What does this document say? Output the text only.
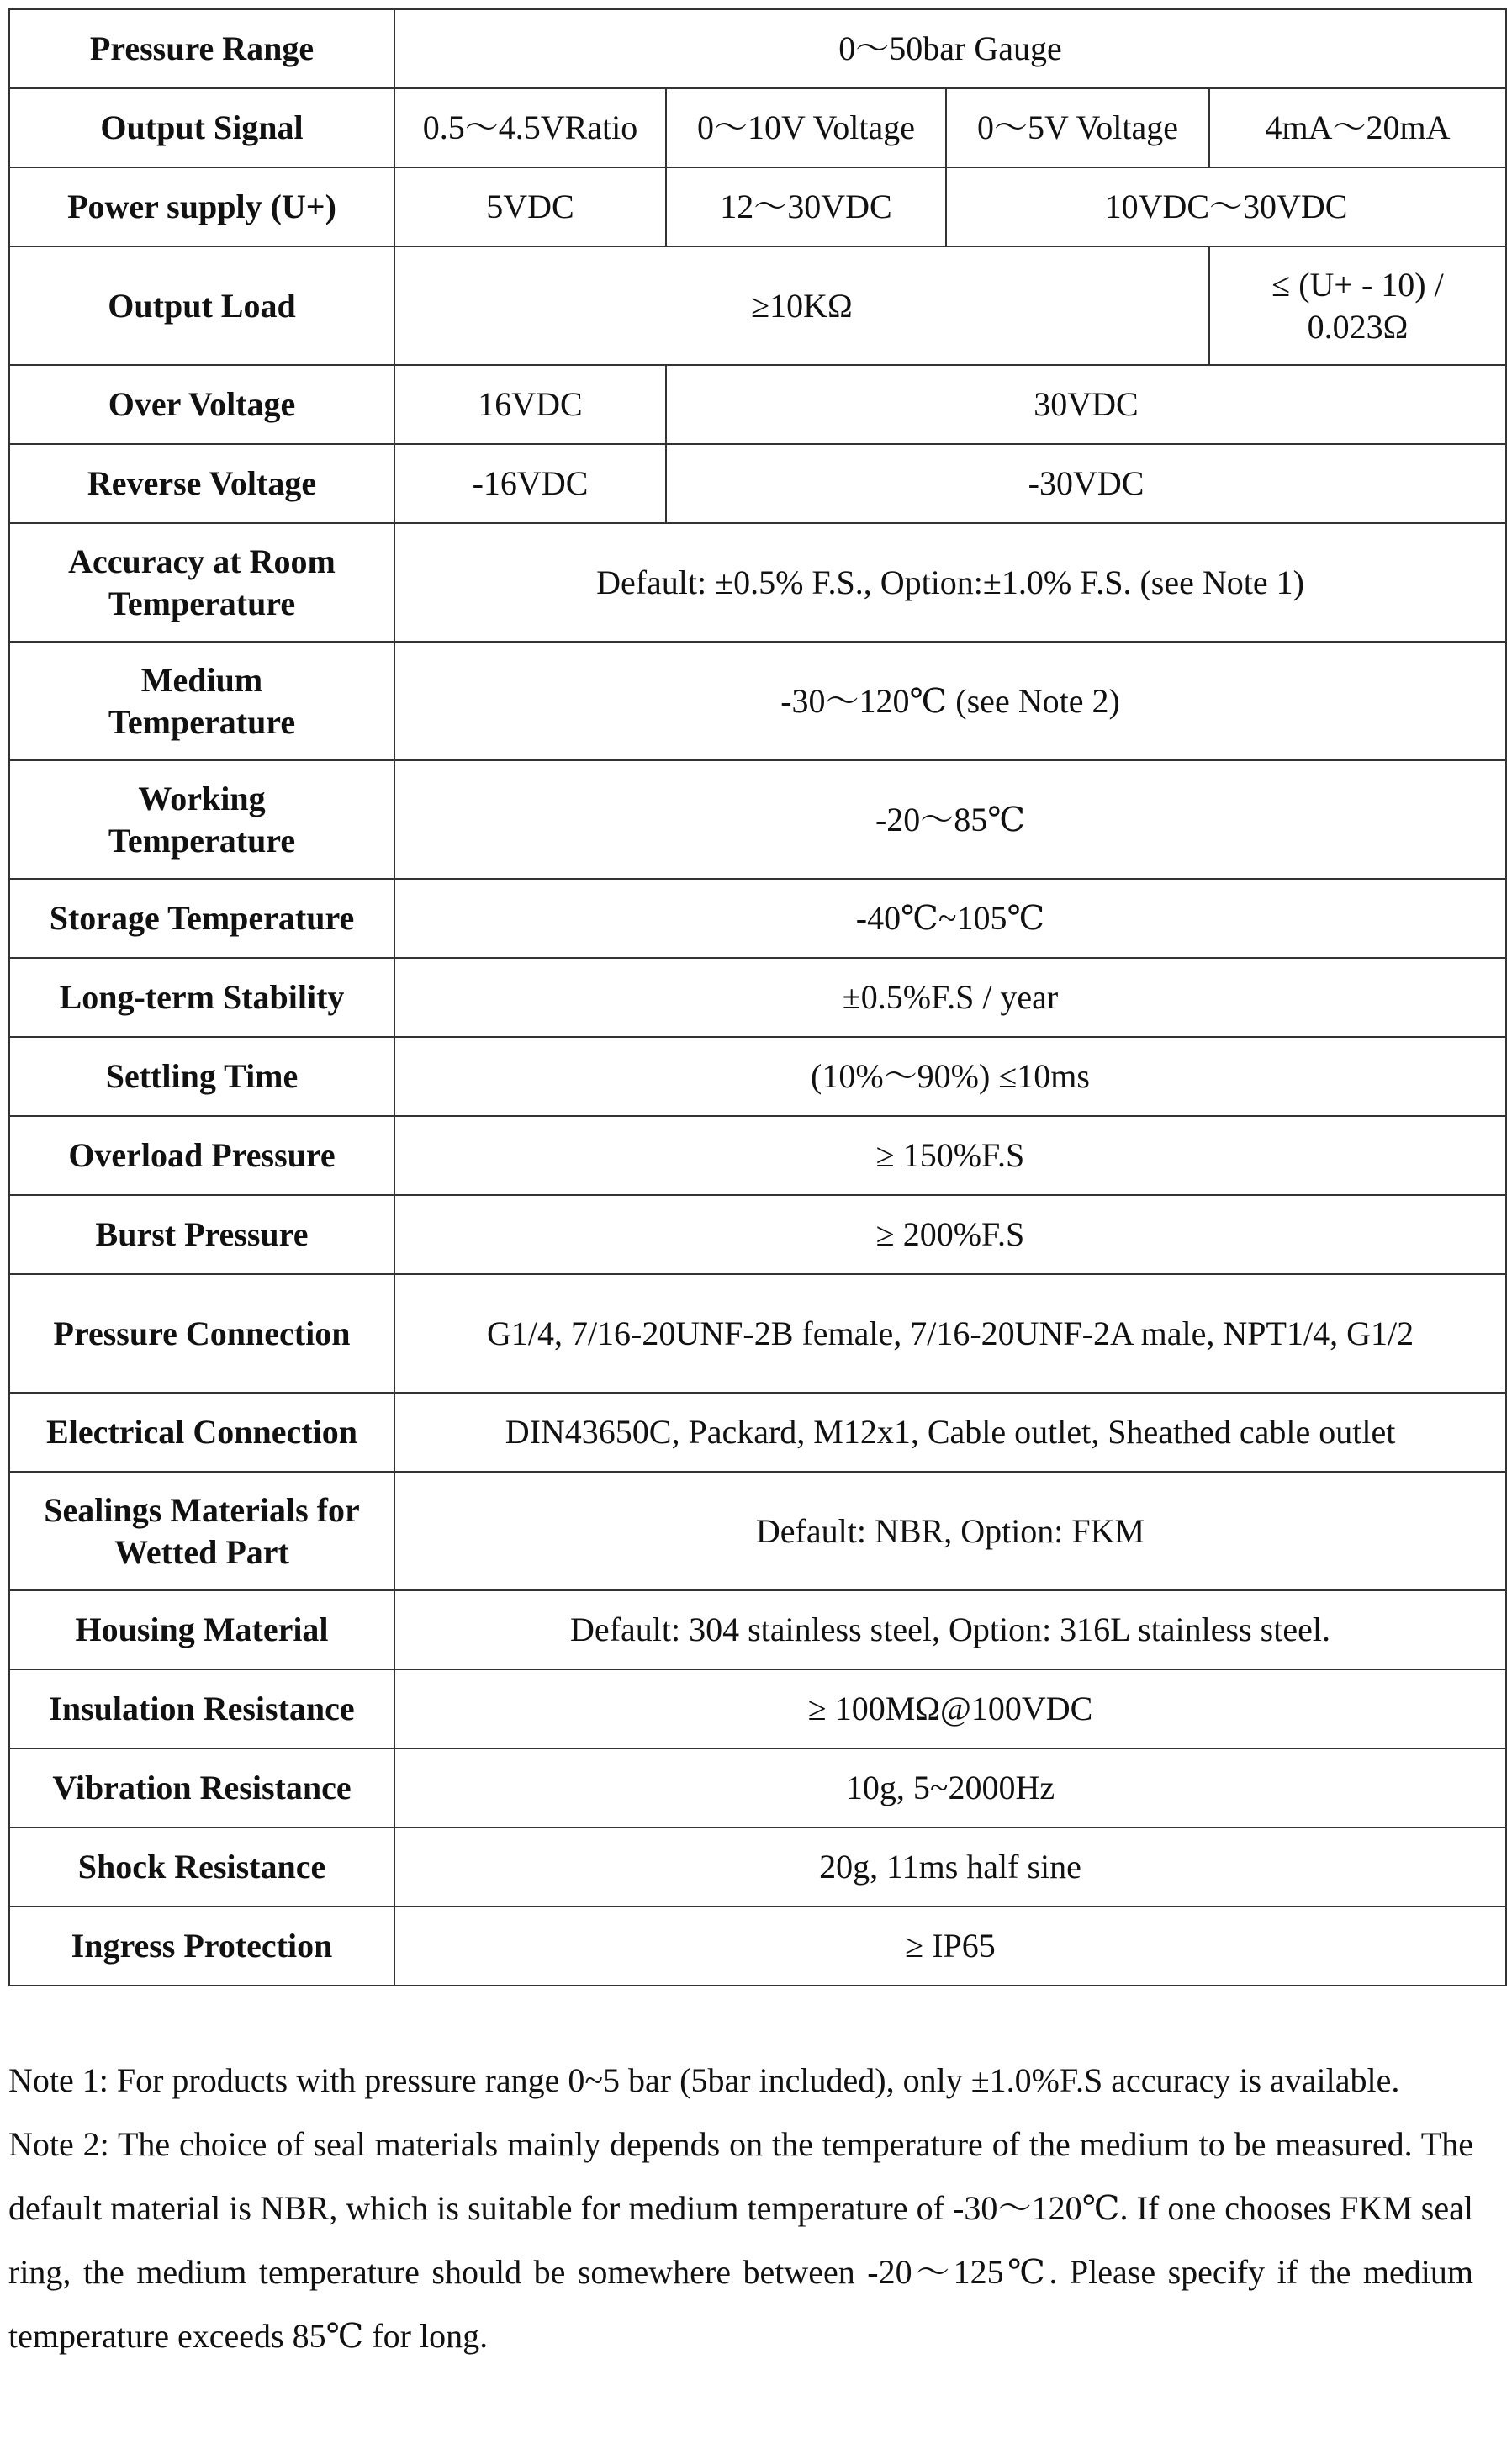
Pressure Range	0～50bar Gauge			
Output Signal	0.5～4.5VRatio	0～10V Voltage	0～5V Voltage	4mA～20mA
Power supply (U+)	5VDC	12～30VDC	10VDC～30VDC	
Output Load	≥10KΩ			≤ (U+ - 10) / 0.023Ω
Over Voltage	16VDC	30VDC		
Reverse Voltage	-16VDC	-30VDC		
Accuracy at Room Temperature	Default: ±0.5% F.S., Option:±1.0% F.S. (see Note 1)			
Medium Temperature	-30～120℃ (see Note 2)			
Working Temperature	-20～85℃			
Storage Temperature	-40℃~105℃			
Long-term Stability	±0.5%F.S / year			
Settling Time	(10%～90%) ≤10ms			
Overload Pressure	≥ 150%F.S			
Burst Pressure	≥ 200%F.S			
Pressure Connection	G1/4, 7/16-20UNF-2B female, 7/16-20UNF-2A male, NPT1/4, G1/2			
Electrical Connection	DIN43650C, Packard, M12x1, Cable outlet, Sheathed cable outlet			
Sealings Materials for Wetted Part	Default: NBR, Option: FKM			
Housing Material	Default: 304 stainless steel, Option: 316L stainless steel.			
Insulation Resistance	≥ 100MΩ@100VDC			
Vibration Resistance	10g, 5~2000Hz			
Shock Resistance	20g, 11ms half sine			
Ingress Protection	≥ IP65			

Note 1: For products with pressure range 0~5 bar (5bar included), only ±1.0%F.S accuracy is available.

Note 2: The choice of seal materials mainly depends on the temperature of the medium to be measured. The default material is NBR, which is suitable for medium temperature of -30～120℃. If one chooses FKM seal ring, the medium temperature should be somewhere between -20～125℃. Please specify if the medium temperature exceeds 85℃ for long.
